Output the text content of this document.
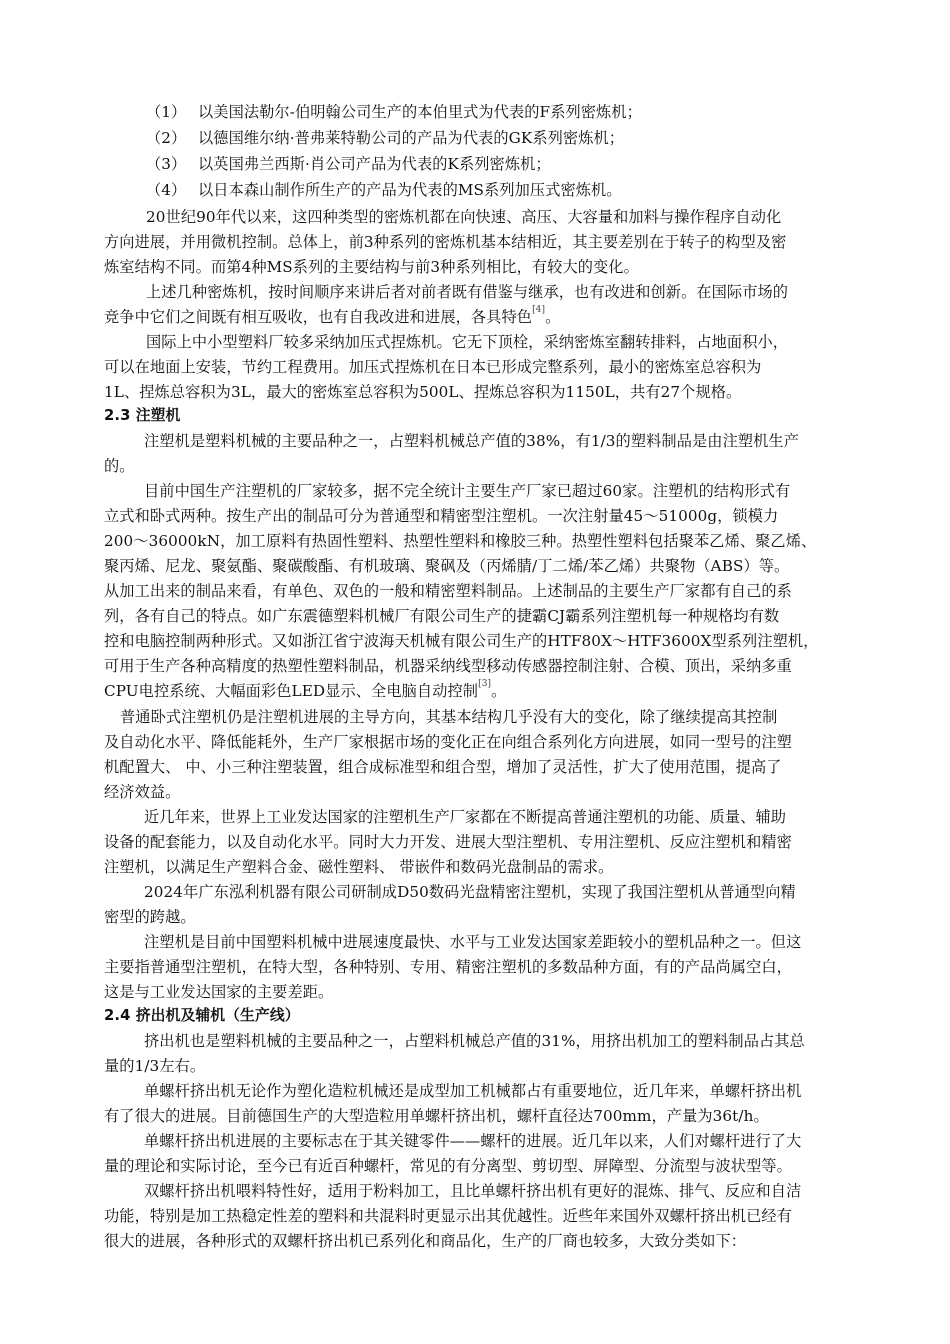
（1） 以美国法勒尔-伯明翰公司生产的本伯里式为代表的F系列密炼机；
（2） 以德国维尔纳·普弗莱特勒公司的产品为代表的GK系列密炼机；
（3） 以英国弗兰西斯·肖公司产品为代表的K系列密炼机；
（4） 以日本森山制作所生产的产品为代表的MS系列加压式密炼机。
20世纪90年代以来，这四种类型的密炼机都在向快速、高压、大容量和加料与操作程序自动化
方向进展，并用微机控制。总体上，前3种系列的密炼机基本结相近，其主要差别在于转子的构型及密
炼室结构不同。而第4种MS系列的主要结构与前3种系列相比，有较大的变化。
上述几种密炼机，按时间顺序来讲后者对前者既有借鉴与继承，也有改进和创新。在国际市场的
竞争中它们之间既有相互吸收，也有自我改进和进展，各具特色[4]。
国际上中小型塑料厂较多采纳加压式捏炼机。它无下顶栓，采纳密炼室翻转排料，占地面积小，
可以在地面上安装，节约工程费用。加压式捏炼机在日本已形成完整系列，最小的密炼室总容积为
1L、捏炼总容积为3L，最大的密炼室总容积为500L、捏炼总容积为1150L，共有27个规格。
2.3 注塑机
注塑机是塑料机械的主要品种之一，占塑料机械总产值的38%，有1/3的塑料制品是由注塑机生产
的。
目前中国生产注塑机的厂家较多，据不完全统计主要生产厂家已超过60家。注塑机的结构形式有
立式和卧式两种。按生产出的制品可分为普通型和精密型注塑机。一次注射量45～51000g，锁模力
200～36000kN，加工原料有热固性塑料、热塑性塑料和橡胶三种。热塑性塑料包括聚苯乙烯、聚乙烯、
聚丙烯、尼龙、聚氨酯、聚碳酸酯、有机玻璃、聚砜及（丙烯腈/丁二烯/苯乙烯）共聚物（ABS）等。
从加工出来的制品来看，有单色、双色的一般和精密塑料制品。上述制品的主要生产厂家都有自己的系
列，各有自己的特点。如广东震德塑料机械厂有限公司生产的捷霸CJ霸系列注塑机每一种规格均有数
控和电脑控制两种形式。又如浙江省宁波海天机械有限公司生产的HTF80X～HTF3600X型系列注塑机，
可用于生产各种高精度的热塑性塑料制品，机器采纳线型移动传感器控制注射、合模、顶出，采纳多重
CPU电控系统、大幅面彩色LED显示、全电脑自动控制[3]。
普通卧式注塑机仍是注塑机进展的主导方向，其基本结构几乎没有大的变化，除了继续提高其控制
及自动化水平、降低能耗外，生产厂家根据市场的变化正在向组合系列化方向进展，如同一型号的注塑
机配置大、 中、小三种注塑装置，组合成标准型和组合型，增加了灵活性，扩大了使用范围，提高了
经济效益。
近几年来，世界上工业发达国家的注塑机生产厂家都在不断提高普通注塑机的功能、质量、辅助
设备的配套能力，以及自动化水平。同时大力开发、进展大型注塑机、专用注塑机、反应注塑机和精密
注塑机，以满足生产塑料合金、磁性塑料、 带嵌件和数码光盘制品的需求。
2024年广东泓利机器有限公司研制成D50数码光盘精密注塑机，实现了我国注塑机从普通型向精
密型的跨越。
注塑机是目前中国塑料机械中进展速度最快、水平与工业发达国家差距较小的塑机品种之一。但这
主要指普通型注塑机，在特大型，各种特别、专用、精密注塑机的多数品种方面，有的产品尚属空白，
这是与工业发达国家的主要差距。
2.4 挤出机及辅机（生产线）
挤出机也是塑料机械的主要品种之一，占塑料机械总产值的31%，用挤出机加工的塑料制品占其总
量的1/3左右。
单螺杆挤出机无论作为塑化造粒机械还是成型加工机械都占有重要地位，近几年来，单螺杆挤出机
有了很大的进展。目前德国生产的大型造粒用单螺杆挤出机，螺杆直径达700mm，产量为36t/h。
单螺杆挤出机进展的主要标志在于其关键零件——螺杆的进展。近几年以来，人们对螺杆进行了大
量的理论和实际讨论，至今已有近百种螺杆，常见的有分离型、剪切型、屏障型、分流型与波状型等。
双螺杆挤出机喂料特性好，适用于粉料加工，且比单螺杆挤出机有更好的混炼、排气、反应和自洁
功能，特别是加工热稳定性差的塑料和共混料时更显示出其优越性。近些年来国外双螺杆挤出机已经有
很大的进展，各种形式的双螺杆挤出机已系列化和商品化，生产的厂商也较多，大致分类如下：
